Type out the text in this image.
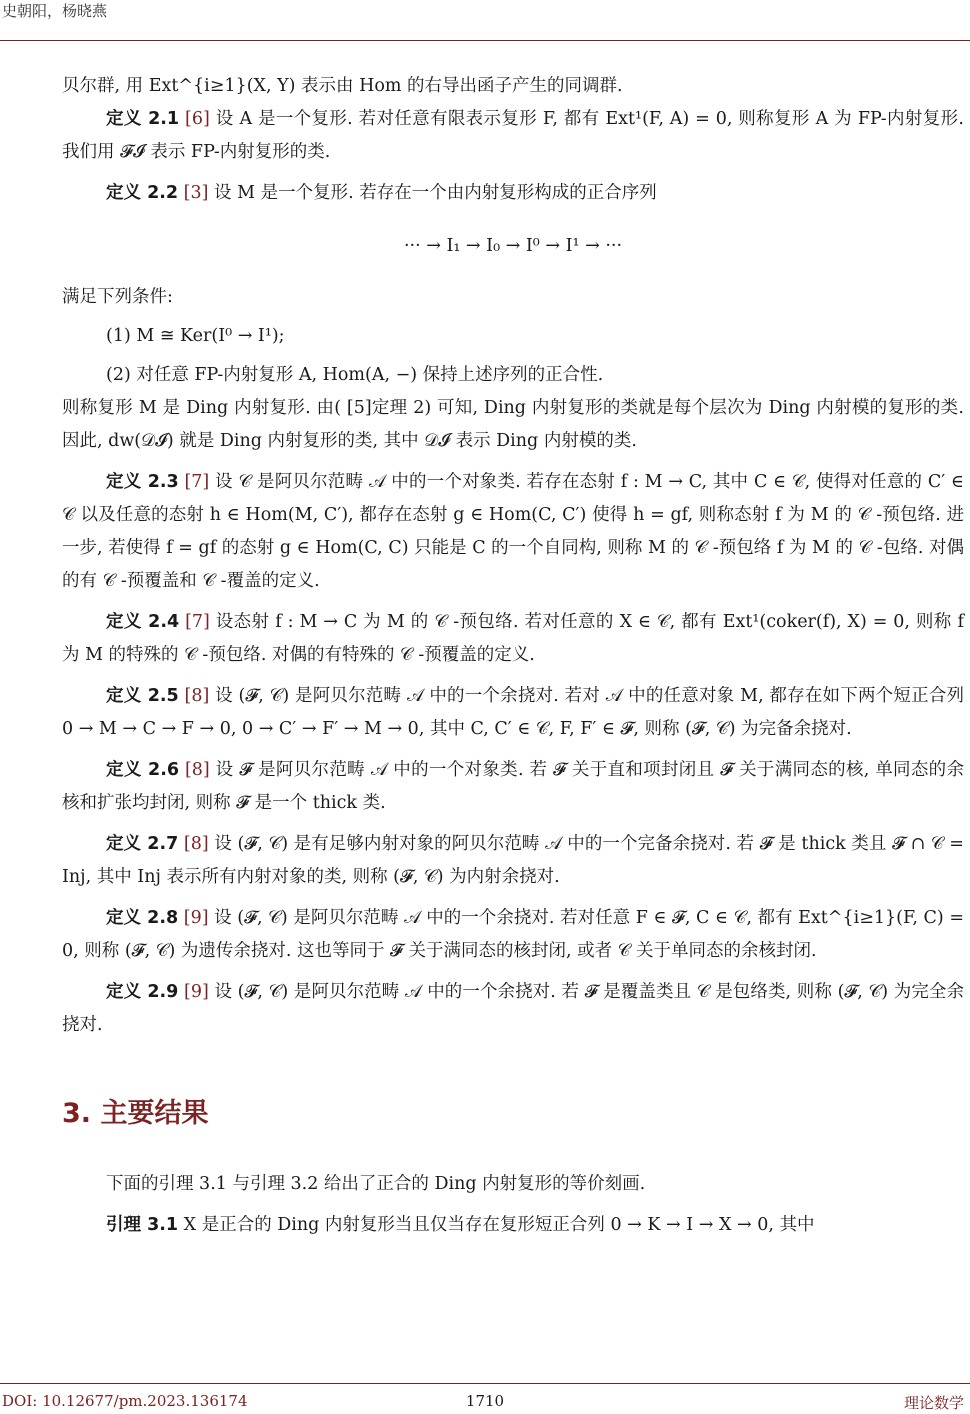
史朝阳，杨晓燕

贝尔群, 用 Ext^{i≥1}(X, Y) 表示由 Hom 的右导出函子产生的同调群.

定义 2.1 [6] 设 A 是一个复形. 若对任意有限表示复形 F, 都有 Ext¹(F, A) = 0, 则称复形 A 为 FP-内射复形. 我们用 𝓕𝓘 表示 FP-内射复形的类.

定义 2.2 [3] 设 M 是一个复形. 若存在一个由内射复形构成的正合序列

··· → I₁ → I₀ → I⁰ → I¹ → ···

满足下列条件:

(1) M ≅ Ker(I⁰ → I¹);

(2) 对任意 FP-内射复形 A, Hom(A, −) 保持上述序列的正合性.

则称复形 M 是 Ding 内射复形. 由( [5]定理 2) 可知, Ding 内射复形的类就是每个层次为 Ding 内射模的复形的类. 因此, dw(𝒟𝓘) 就是 Ding 内射复形的类, 其中 𝒟𝓘 表示 Ding 内射模的类.

定义 2.3 [7] 设 𝒞 是阿贝尔范畴 𝒜 中的一个对象类. 若存在态射 f : M → C, 其中 C ∈ 𝒞, 使得对任意的 C′ ∈ 𝒞 以及任意的态射 h ∈ Hom(M, C′), 都存在态射 g ∈ Hom(C, C′) 使得 h = gf, 则称态射 f 为 M 的 𝒞 -预包络. 进一步, 若使得 f = gf 的态射 g ∈ Hom(C, C) 只能是 C 的一个自同构, 则称 M 的 𝒞 -预包络 f 为 M 的 𝒞 -包络. 对偶的有 𝒞 -预覆盖和 𝒞 -覆盖的定义.

定义 2.4 [7] 设态射 f : M → C 为 M 的 𝒞 -预包络. 若对任意的 X ∈ 𝒞, 都有 Ext¹(coker(f), X) = 0, 则称 f 为 M 的特殊的 𝒞 -预包络. 对偶的有特殊的 𝒞 -预覆盖的定义.

定义 2.5 [8] 设 (𝓕, 𝒞) 是阿贝尔范畴 𝒜 中的一个余挠对. 若对 𝒜 中的任意对象 M, 都存在如下两个短正合列 0 → M → C → F → 0, 0 → C′ → F′ → M → 0, 其中 C, C′ ∈ 𝒞, F, F′ ∈ 𝓕, 则称 (𝓕, 𝒞) 为完备余挠对.

定义 2.6 [8] 设 𝓕 是阿贝尔范畴 𝒜 中的一个对象类. 若 𝓕 关于直和项封闭且 𝓕 关于满同态的核, 单同态的余核和扩张均封闭, 则称 𝓕 是一个 thick 类.

定义 2.7 [8] 设 (𝓕, 𝒞) 是有足够内射对象的阿贝尔范畴 𝒜 中的一个完备余挠对. 若 𝓕 是 thick 类且 𝓕 ∩ 𝒞 = Inj, 其中 Inj 表示所有内射对象的类, 则称 (𝓕, 𝒞) 为内射余挠对.

定义 2.8 [9] 设 (𝓕, 𝒞) 是阿贝尔范畴 𝒜 中的一个余挠对. 若对任意 F ∈ 𝓕, C ∈ 𝒞, 都有 Ext^{i≥1}(F, C) = 0, 则称 (𝓕, 𝒞) 为遗传余挠对. 这也等同于 𝓕 关于满同态的核封闭, 或者 𝒞 关于单同态的余核封闭.

定义 2.9 [9] 设 (𝓕, 𝒞) 是阿贝尔范畴 𝒜 中的一个余挠对. 若 𝓕 是覆盖类且 𝒞 是包络类, 则称 (𝓕, 𝒞) 为完全余挠对.

3. 主要结果

下面的引理 3.1 与引理 3.2 给出了正合的 Ding 内射复形的等价刻画.

引理 3.1 X 是正合的 Ding 内射复形当且仅当存在复形短正合列 0 → K → I → X → 0, 其中

DOI: 10.12677/pm.2023.136174	1710	理论数学
